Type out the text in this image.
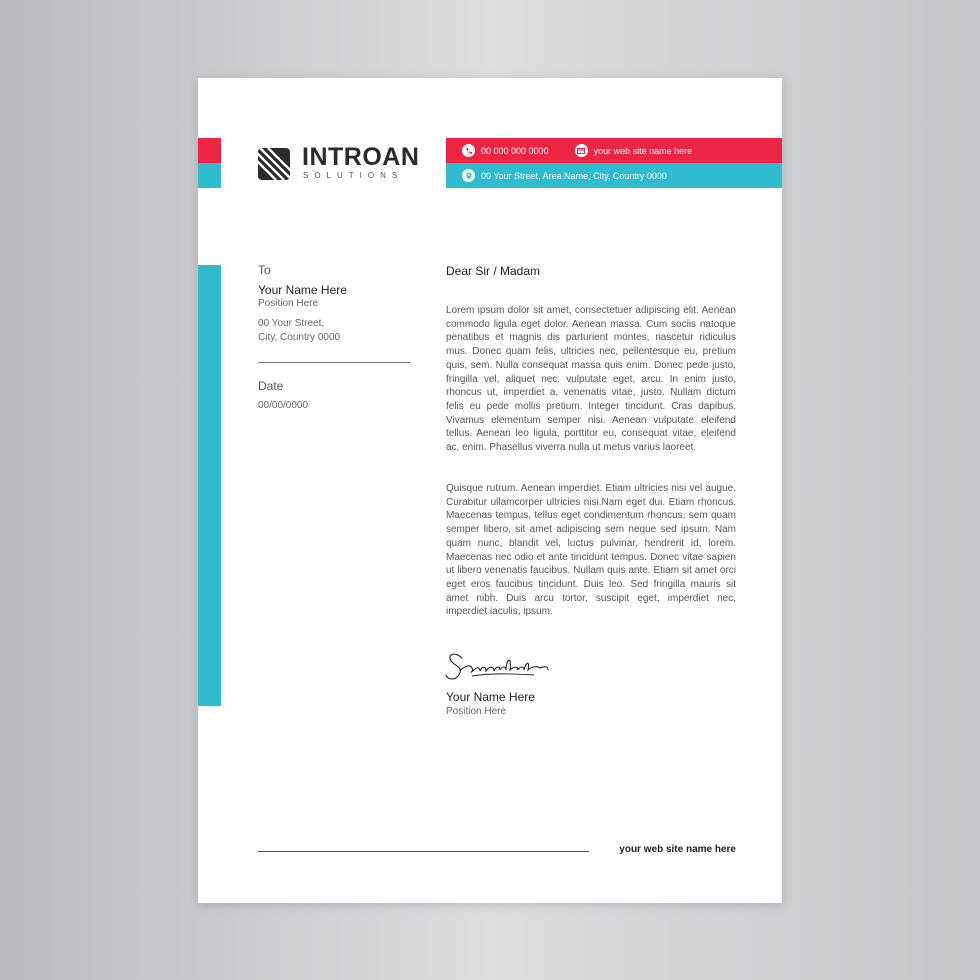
INTROAN
SOLUTIONS
00 000 000 0000	your web site name here
00 Your Street, Area Name, City, Country 0000
To
Your Name Here
Position Here
00 Your Street,
City, Country 0000
Date
00/00/0000
Dear Sir / Madam
Lorem ipsum dolor sit amet, consectetuer adipiscing elit. Aenean commodo ligula eget dolor. Aenean massa. Cum sociis natoque penatibus et magnis dis parturient montes, nascetur ridiculus mus. Donec quam felis, ultricies nec, pellentesque eu, pretium quis, sem. Nulla consequat massa quis enim. Donec pede justo, fringilla vel, aliquet nec, vulputate eget, arcu. In enim justo, rhoncus ut, imperdiet a, venenatis vitae, justo. Nullam dictum felis eu pede mollis pretium. Integer tincidunt. Cras dapibus. Vivamus elementum semper nisi. Aenean vulputate eleifend tellus. Aenean leo ligula, porttitor eu, consequat vitae, eleifend ac, enim. Phasellus viverra nulla ut metus varius laoreet.
Quisque rutrum. Aenean imperdiet. Etiam ultricies nisi vel augue. Curabitur ullamcorper ultricies nisi.Nam eget dui. Etiam rhoncus. Maecenas tempus, tellus eget condimentum rhoncus, sem quam semper libero, sit amet adipiscing sem neque sed ipsum. Nam quam nunc, blandit vel, luctus pulvinar, hendrerit id, lorem. Maecenas nec odio et ante tincidunt tempus. Donec vitae sapien ut libero venenatis faucibus. Nullam quis ante. Etiam sit amet orci eget eros faucibus tincidunt. Duis leo. Sed fringilla mauris sit amet nibh. Duis arcu tortor, suscipit eget, imperdiet nec, imperdiet iaculis, ipsum.
Your Name Here
Position Here
your web site name here
